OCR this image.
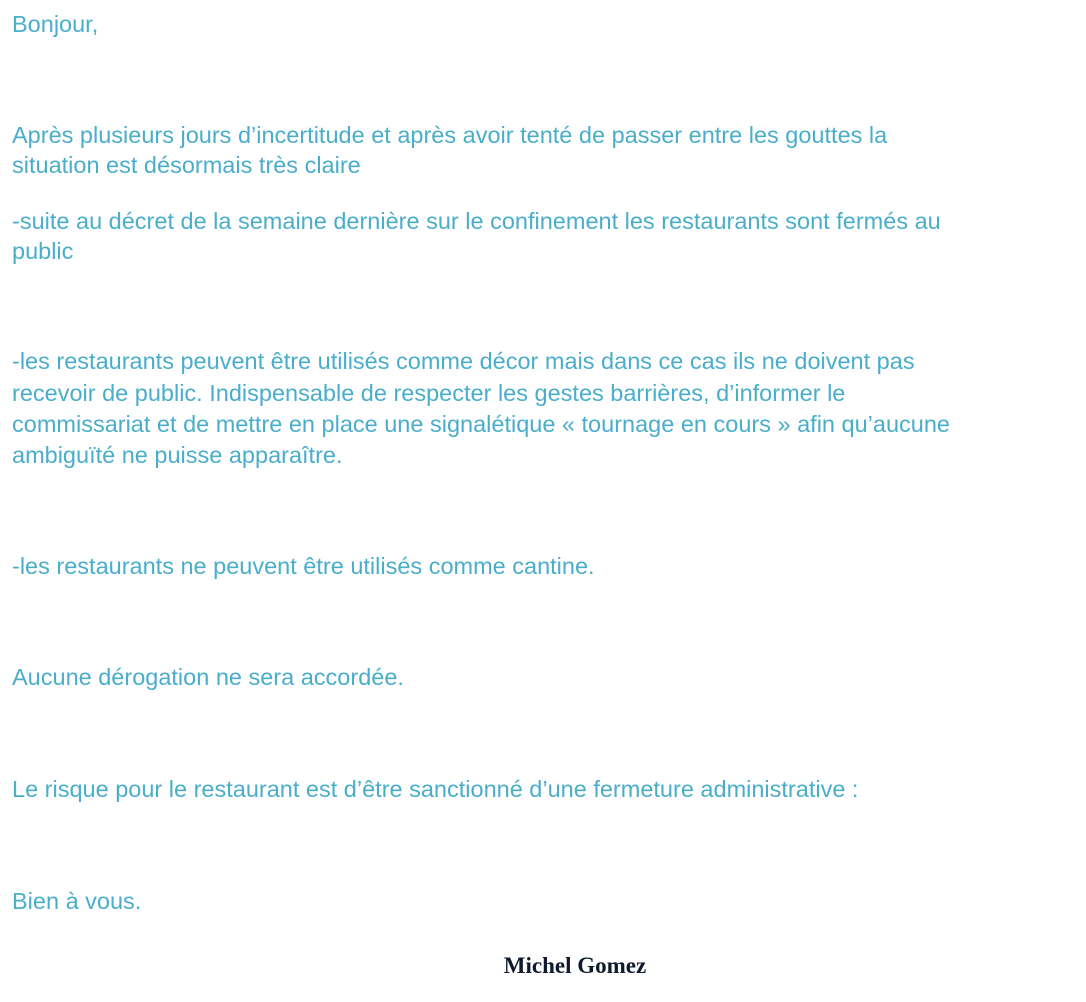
Bonjour,
Après plusieurs jours d’incertitude et après avoir tenté de passer entre les gouttes la
situation est désormais très claire
-suite au décret de la semaine dernière sur le confinement les restaurants sont fermés au
public
-les restaurants peuvent être utilisés comme décor mais dans ce cas ils ne doivent pas
recevoir de public. Indispensable de respecter les gestes barrières, d’informer le
commissariat et de mettre en place une signalétique « tournage en cours » afin qu’aucune
ambiguïté ne puisse apparaître.
-les restaurants ne peuvent être utilisés comme cantine.
Aucune dérogation ne sera accordée.
Le risque pour le restaurant est d’être sanctionné d’une fermeture administrative :
Bien à vous.
Michel Gomez
